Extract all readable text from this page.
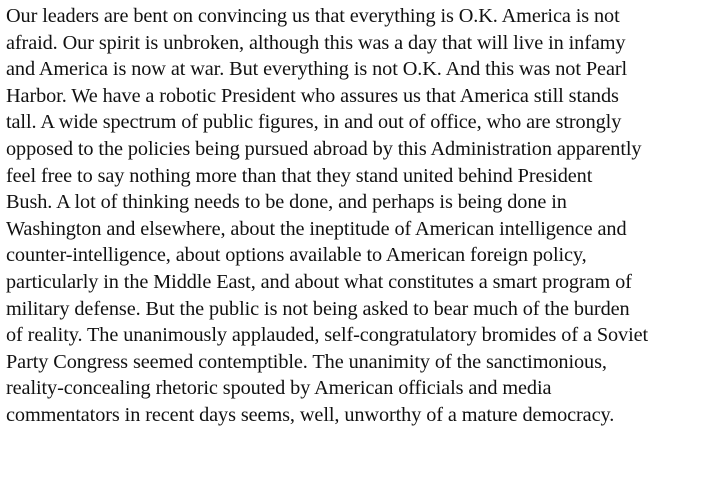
Our leaders are bent on convincing us that everything is O.K. America is not
afraid. Our spirit is unbroken, although this was a day that will live in infamy
and America is now at war. But everything is not O.K. And this was not Pearl
Harbor. We have a robotic President who assures us that America still stands
tall. A wide spectrum of public figures, in and out of office, who are strongly
opposed to the policies being pursued abroad by this Administration apparently
feel free to say nothing more than that they stand united behind President
Bush. A lot of thinking needs to be done, and perhaps is being done in
Washington and elsewhere, about the ineptitude of American intelligence and
counter-intelligence, about options available to American foreign policy,
particularly in the Middle East, and about what constitutes a smart program of
military defense. But the public is not being asked to bear much of the burden
of reality. The unanimously applauded, self-congratulatory bromides of a Soviet
Party Congress seemed contemptible. The unanimity of the sanctimonious,
reality-concealing rhetoric spouted by American officials and media
commentators in recent days seems, well, unworthy of a mature democracy.
